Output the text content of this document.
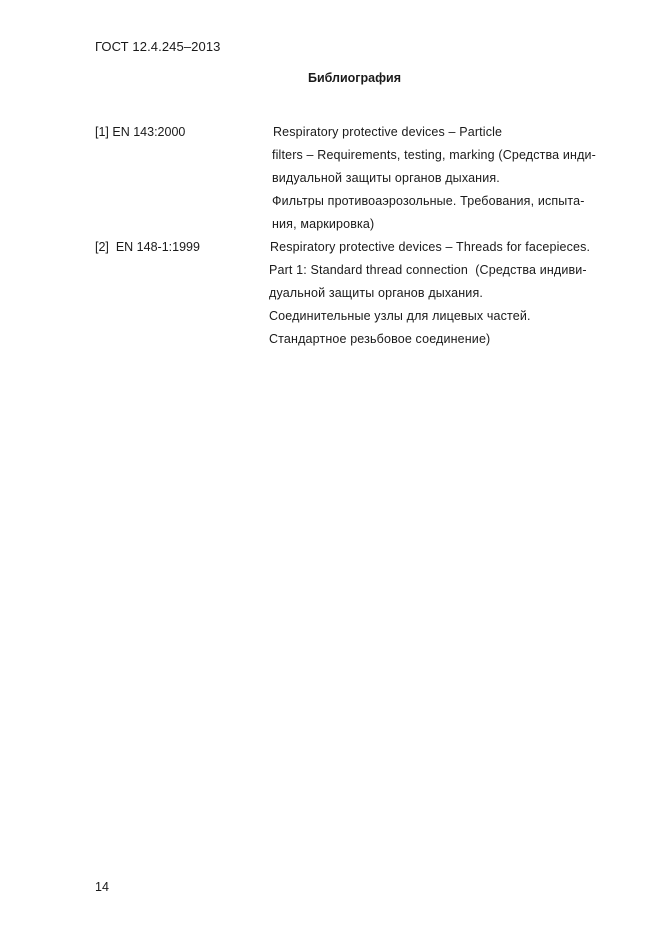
ГОСТ 12.4.245–2013
Библиография
[1] EN 143:2000	Respiratory protective devices – Particle
filters – Requirements, testing, marking (Средства инди-
видуальной защиты органов дыхания.
Фильтры противоаэрозольные. Требования, испыта-
ния, маркировка)
[2]  EN 148-1:1999	Respiratory protective devices – Threads for facepieces.
Part 1: Standard thread connection  (Средства индиви-
дуальной защиты органов дыхания.
Соединительные узлы для лицевых частей.
Стандартное резьбовое соединение)
14
